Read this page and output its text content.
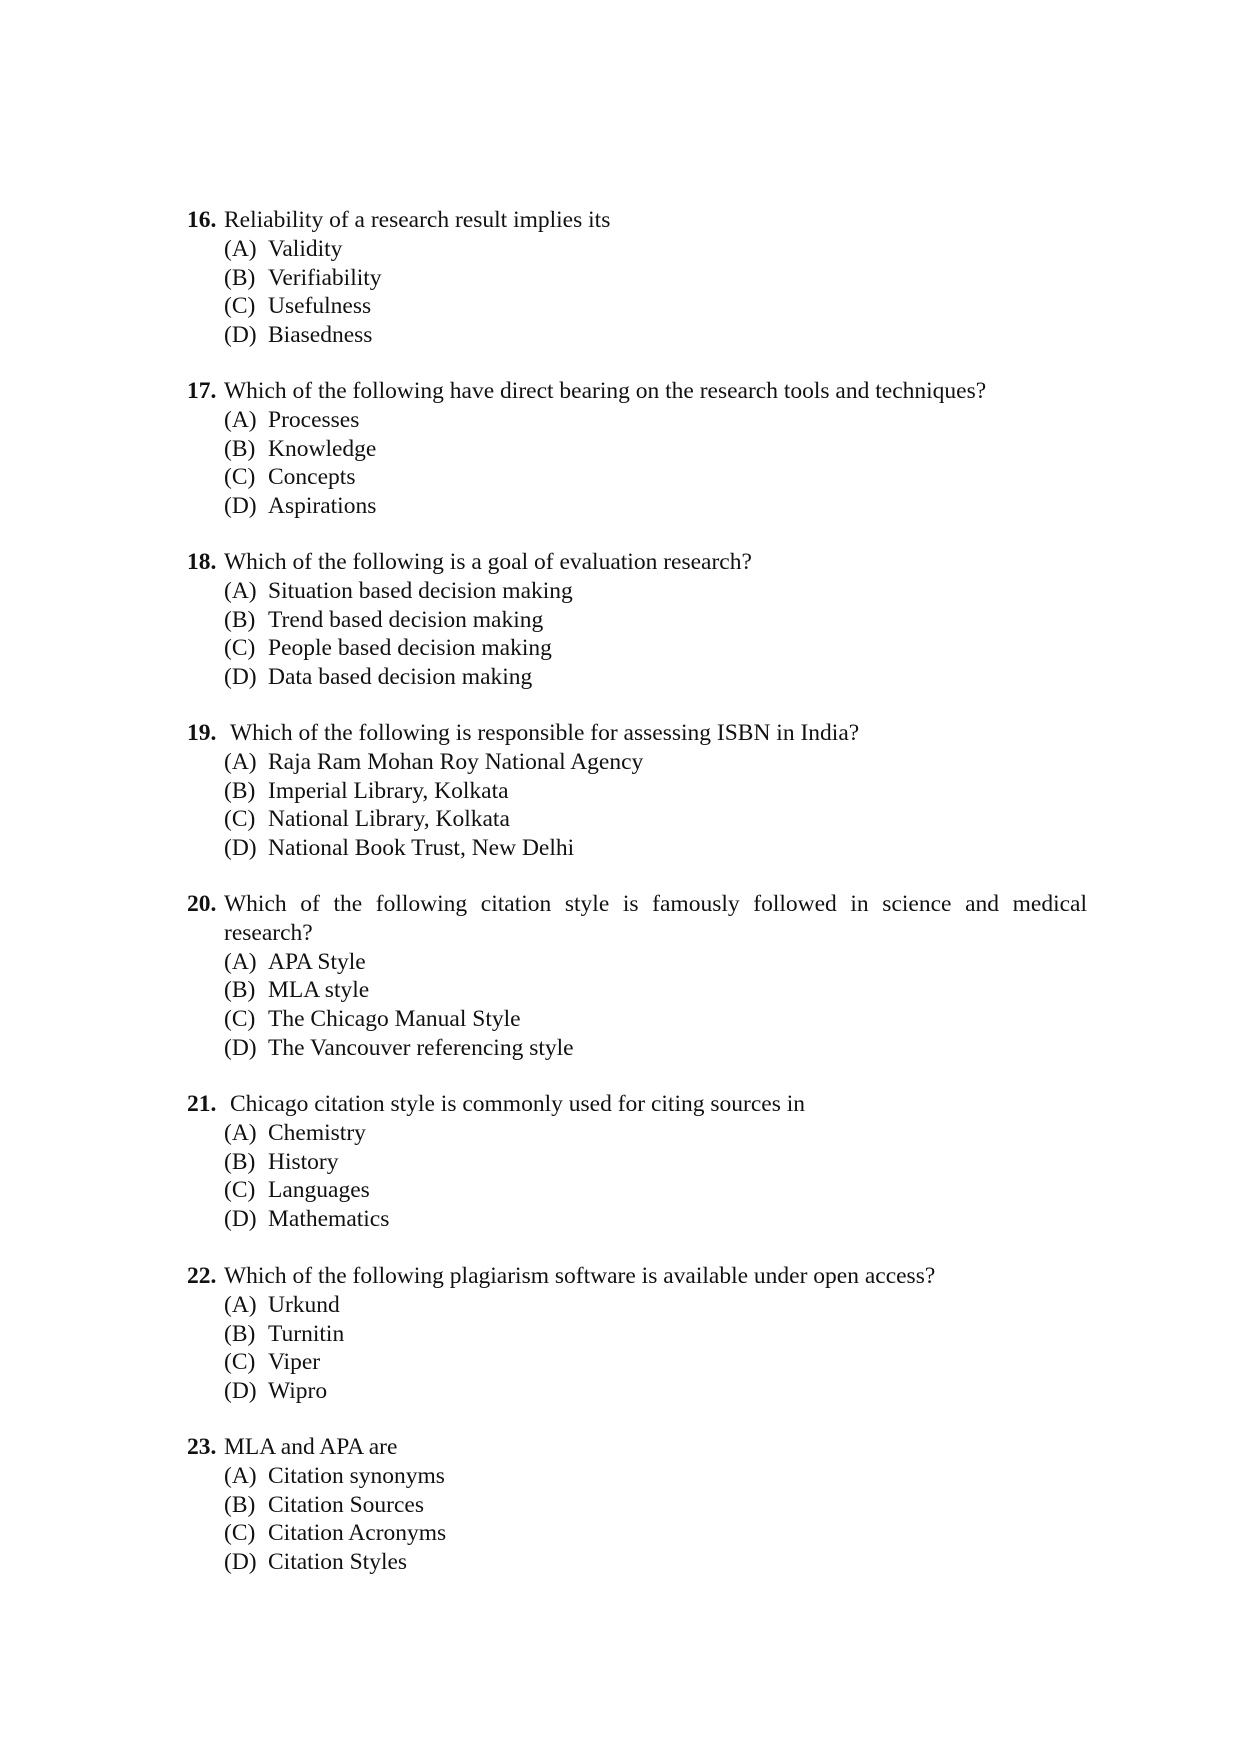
16. Reliability of a research result implies its
(A) Validity
(B) Verifiability
(C) Usefulness
(D) Biasedness
17. Which of the following have direct bearing on the research tools and techniques?
(A) Processes
(B) Knowledge
(C) Concepts
(D) Aspirations
18. Which of the following is a goal of evaluation research?
(A) Situation based decision making
(B) Trend based decision making
(C) People based decision making
(D) Data based decision making
19. Which of the following is responsible for assessing ISBN in India?
(A) Raja Ram Mohan Roy National Agency
(B) Imperial Library, Kolkata
(C) National Library, Kolkata
(D) National Book Trust, New Delhi
20. Which of the following citation style is famously followed in science and medical research?
(A) APA Style
(B) MLA style
(C) The Chicago Manual Style
(D) The Vancouver referencing style
21. Chicago citation style is commonly used for citing sources in
(A) Chemistry
(B) History
(C) Languages
(D) Mathematics
22. Which of the following plagiarism software is available under open access?
(A) Urkund
(B) Turnitin
(C) Viper
(D) Wipro
23. MLA and APA are
(A) Citation synonyms
(B) Citation Sources
(C) Citation Acronyms
(D) Citation Styles
